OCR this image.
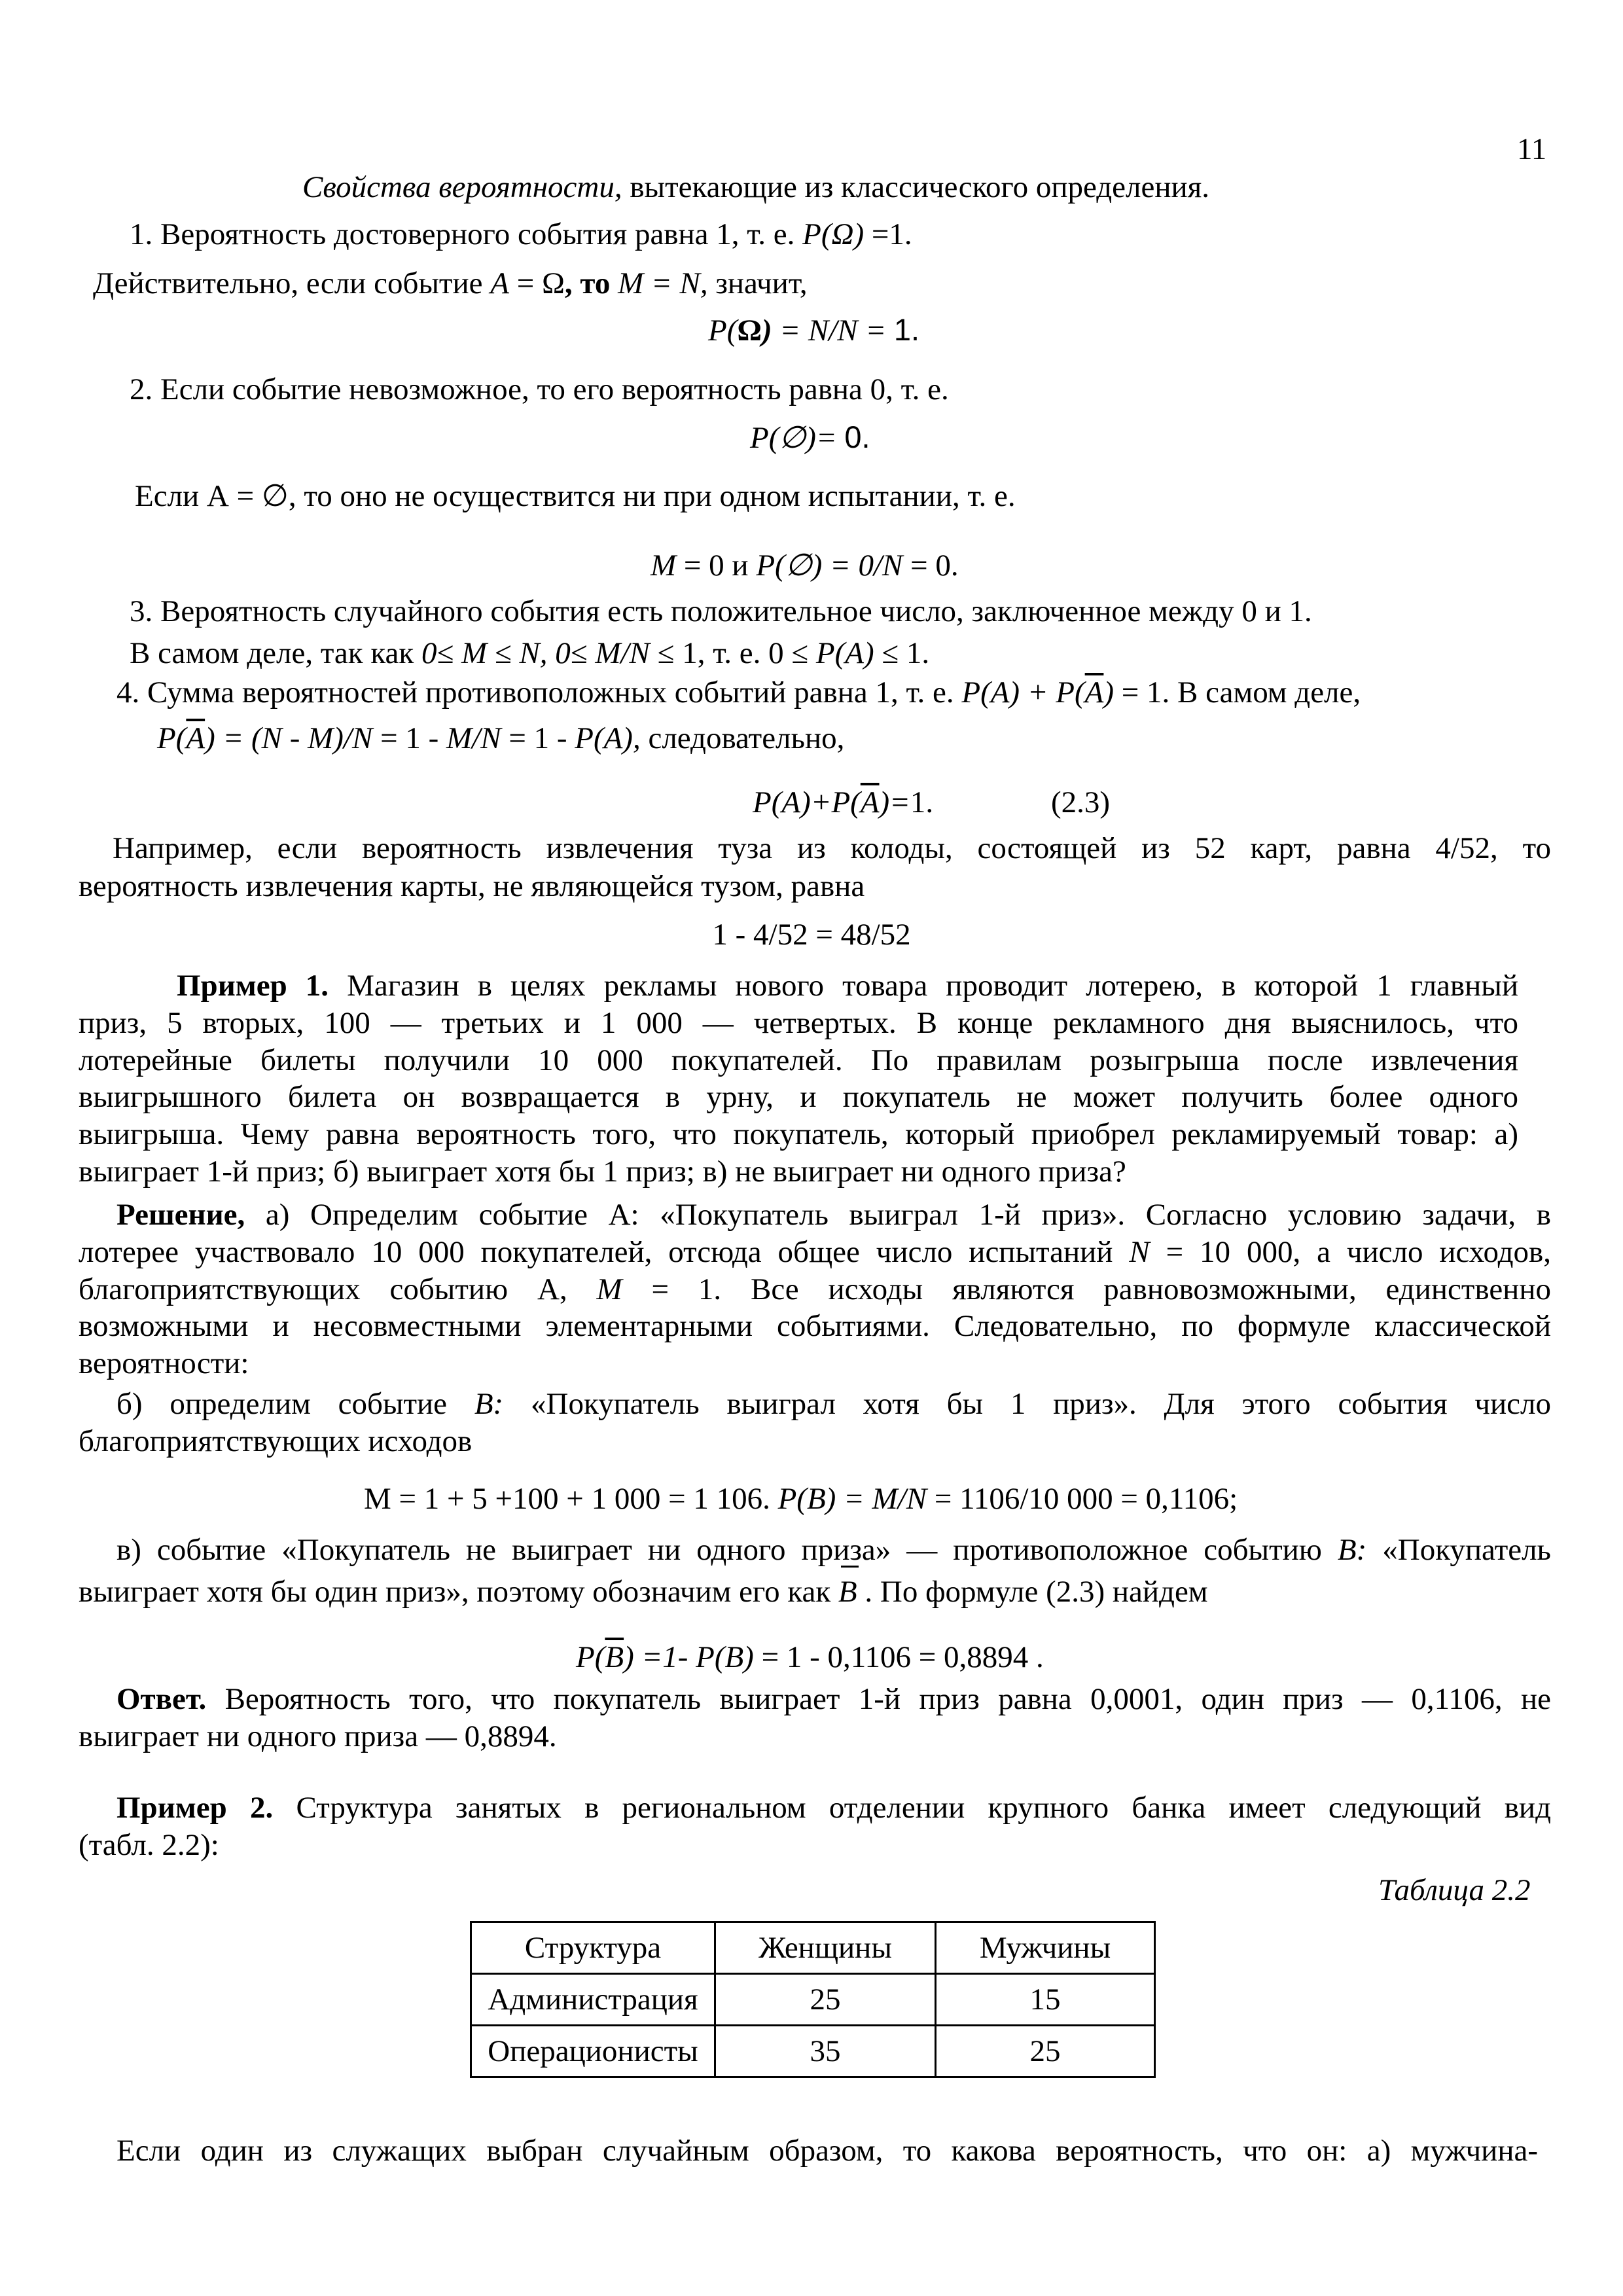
11
Свойства вероятности, вытекающие из классического определения.
1. Вероятность достоверного события равна 1, т. е. P(Ω) =1.
Действительно, если событие A = Ω, то M = N, значит,
P(Ω) = N/N = 1.
2. Если событие невозможное, то его вероятность равна 0, т. е.
P(∅)= 0.
Если А = ∅, то оно не осуществится ни при одном испытании, т. е.
M = 0 и P(∅) = 0/N = 0.
3. Вероятность случайного события есть положительное число, заключенное между 0 и 1.
В самом деле, так как 0≤ M ≤ N, 0≤ M/N ≤ 1, т. е. 0 ≤ P(A) ≤ 1.
4. Сумма вероятностей противоположных событий равна 1, т. е. $P(A) + P(\overline{A}) = 1$. В самом деле,
$P(\overline{A}) = (N - M)/N = 1 - M/N = 1 - P(A)$, следовательно,
$P(A)+P(\overline{A})=1$.	(2.3)
Например, если вероятность извлечения туза из колоды, состоящей из 52 карт, равна 4/52, то
вероятность извлечения карты, не являющейся тузом, равна
1 - 4/52 = 48/52
Пример 1. Магазин в целях рекламы нового товара проводит лотерею, в которой 1 главный
приз, 5 вторых, 100 — третьих и 1 000 — четвертых. В конце рекламного дня выяснилось, что
лотерейные билеты получили 10 000 покупателей. По правилам розыгрыша после извлечения
выигрышного билета он возвращается в урну, и покупатель не может получить более одного
выигрыша. Чему равна вероятность того, что покупатель, который приобрел рекламируемый товар: а)
выиграет 1-й приз; б) выиграет хотя бы 1 приз; в) не выиграет ни одного приза?
Решение, а) Определим событие А: «Покупатель выиграл 1-й приз». Согласно условию задачи, в
лотерее участвовало 10 000 покупателей, отсюда общее число испытаний N = 10 000, а число исходов,
благоприятствующих событию А, M = 1. Все исходы являются равновозможными, единственно
возможными и несовместными элементарными событиями. Следовательно, по формуле классической
вероятности:
б) определим событие B: «Покупатель выиграл хотя бы 1 приз». Для этого события число
благоприятствующих исходов
М = 1 + 5 +100 + 1 000 = 1 106. P(B) = M/N = 1106/10 000 = 0,1106;
в) событие «Покупатель не выиграет ни одного приза» — противоположное событию B: «Покупатель
выиграет хотя бы один приз», поэтому обозначим его как B . По формуле (2.3) найдем
$P(\overline{B}) =1-$ P(B) = 1 - 0,1106 = 0,8894 .
Ответ. Вероятность того, что покупатель выиграет 1-й приз равна 0,0001, один приз — 0,1106, не
выиграет ни одного приза — 0,8894.
Пример 2. Структура занятых в региональном отделении крупного банка имеет следующий вид
(табл. 2.2):
Таблица 2.2
Структура	Женщины	Мужчины
Администрация	25	15
Операционисты	35	25
Если один из служащих выбран случайным образом, то какова вероятность, что он: а) мужчина-
